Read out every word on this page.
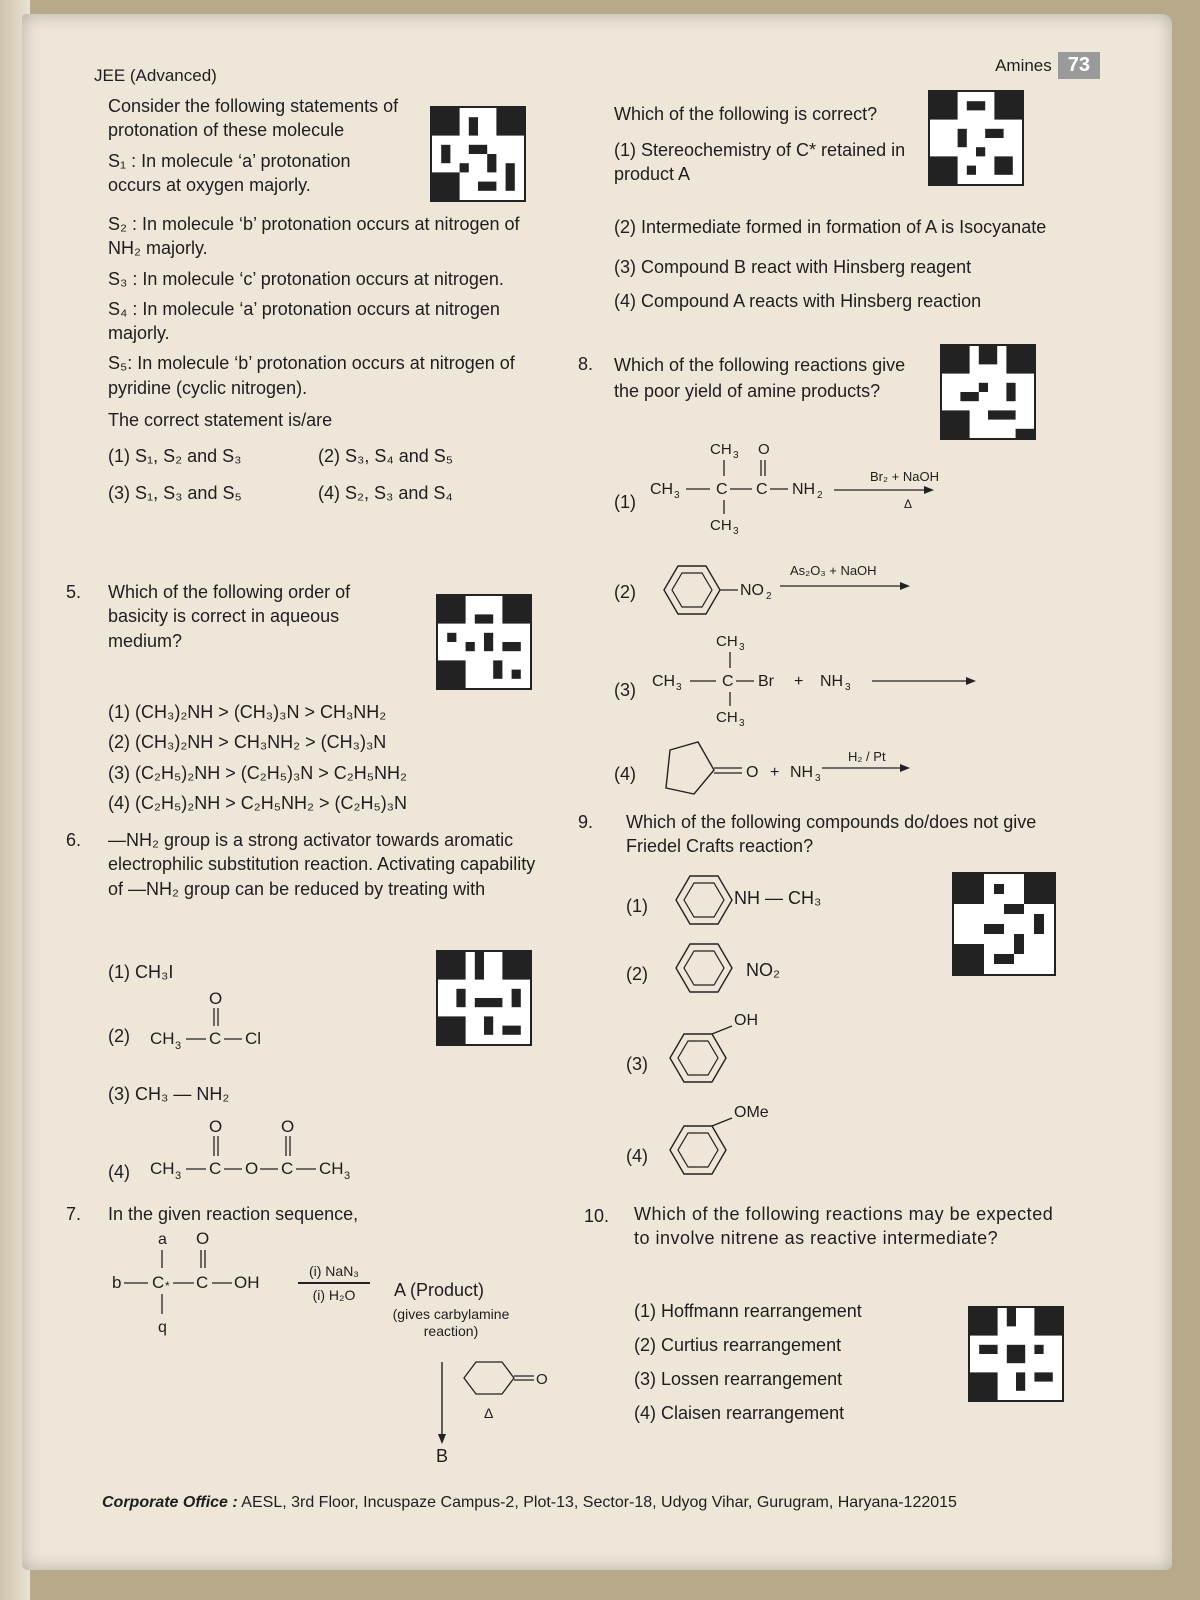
JEE (Advanced)
Amines 73

Consider the following statements of protonation of these molecule

S₁ : In molecule ‘a’ protonation occurs at oxygen majorly.

S₂ : In molecule ‘b’ protonation occurs at nitrogen of NH₂ majorly.

S₃ : In molecule ‘c’ protonation occurs at nitrogen.

S₄ : In molecule ‘a’ protonation occurs at nitrogen majorly.

S₅: In molecule ‘b’ protonation occurs at nitrogen of pyridine (cyclic nitrogen).

The correct statement is/are

(1) S₁, S₂ and S₃	(2) S₃, S₄ and S₅
(3) S₁, S₃ and S₅	(4) S₂, S₃ and S₄
5. Which of the following order of basicity is correct in aqueous medium?
(1) (CH₃)₂NH > (CH₃)₃N > CH₃NH₂
(2) (CH₃)₂NH > CH₃NH₂ > (CH₃)₃N
(3) (C₂H₅)₂NH > (C₂H₅)₃N > C₂H₅NH₂
(4) (C₂H₅)₂NH > C₂H₅NH₂ > (C₂H₅)₃N
6. —NH₂ group is a strong activator towards aromatic electrophilic substitution reaction. Activating capability of —NH₂ group can be reduced by treating with
(1) CH₃I
(2) CH 3 C
O
Cl
(3) CH₃ — NH₂
(4) CH 3 C
O
O C
O
CH 3
7. In the given reaction sequence,
a
b C * C
O
OH
q
(i) NaN₃
(i) H₂O	A (Product)
(gives carbylamine reaction)
O
Δ
B
Which of the following is correct?
(1) Stereochemistry of C* retained in product A
(2) Intermediate formed in formation of A is Isocyanate
(3) Compound B react with Hinsberg reagent
(4) Compound A reacts with Hinsberg reaction
8. Which of the following reactions give the poor yield of amine products?
(1)
CH 3 O
CH 3 C C NH 2
CH 3
Δ
Br₂ + NaOH
(2)	NO 2
As₂O₃ + NaOH
(3)
CH 3
CH 3	C Br + NH 3
CH 3
(4)	O + NH 3
H₂ / Pt
9. Which of the following compounds do/does not give Friedel Crafts reaction?
(1)	NH — CH₃
(2)	NO₂
(3)
OH
(4)
OMe
10. Which of the following reactions may be expected to involve nitrene as reactive intermediate?
(1) Hoffmann rearrangement
(2) Curtius rearrangement
(3) Lossen rearrangement
(4) Claisen rearrangement
Corporate Office : AESL, 3rd Floor, Incuspaze Campus-2, Plot-13, Sector-18, Udyog Vihar, Gurugram, Haryana-122015
